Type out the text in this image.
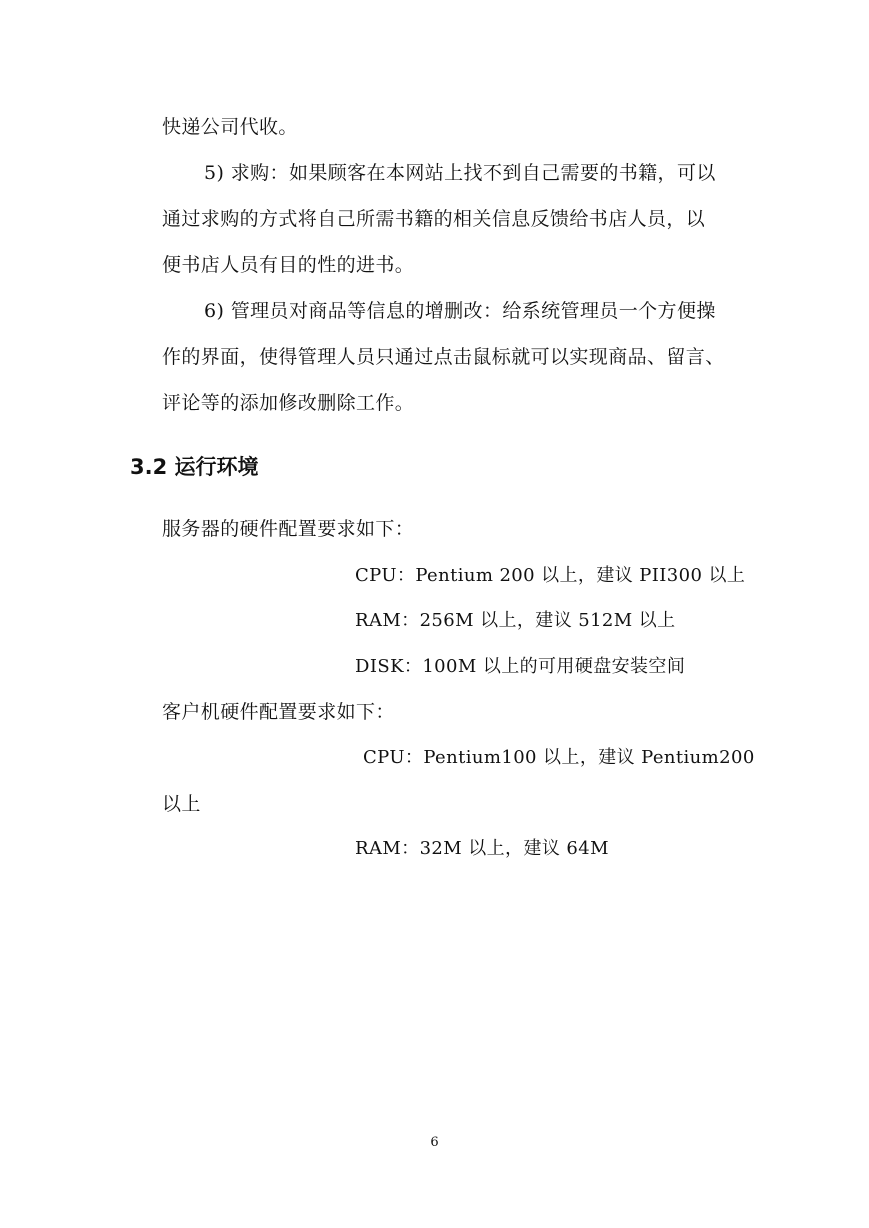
快递公司代收。
5) 求购：如果顾客在本网站上找不到自己需要的书籍，可以
通过求购的方式将自己所需书籍的相关信息反馈给书店人员，以
便书店人员有目的性的进书。
6) 管理员对商品等信息的增删改：给系统管理员一个方便操
作的界面，使得管理人员只通过点击鼠标就可以实现商品、留言、
评论等的添加修改删除工作。
3.2 运行环境
服务器的硬件配置要求如下：
CPU：Pentium 200 以上，建议 PII300 以上
RAM：256M 以上，建议 512M 以上
DISK：100M 以上的可用硬盘安装空间
客户机硬件配置要求如下：
CPU：Pentium100 以上，建议 Pentium200
以上
RAM：32M 以上，建议 64M
6
